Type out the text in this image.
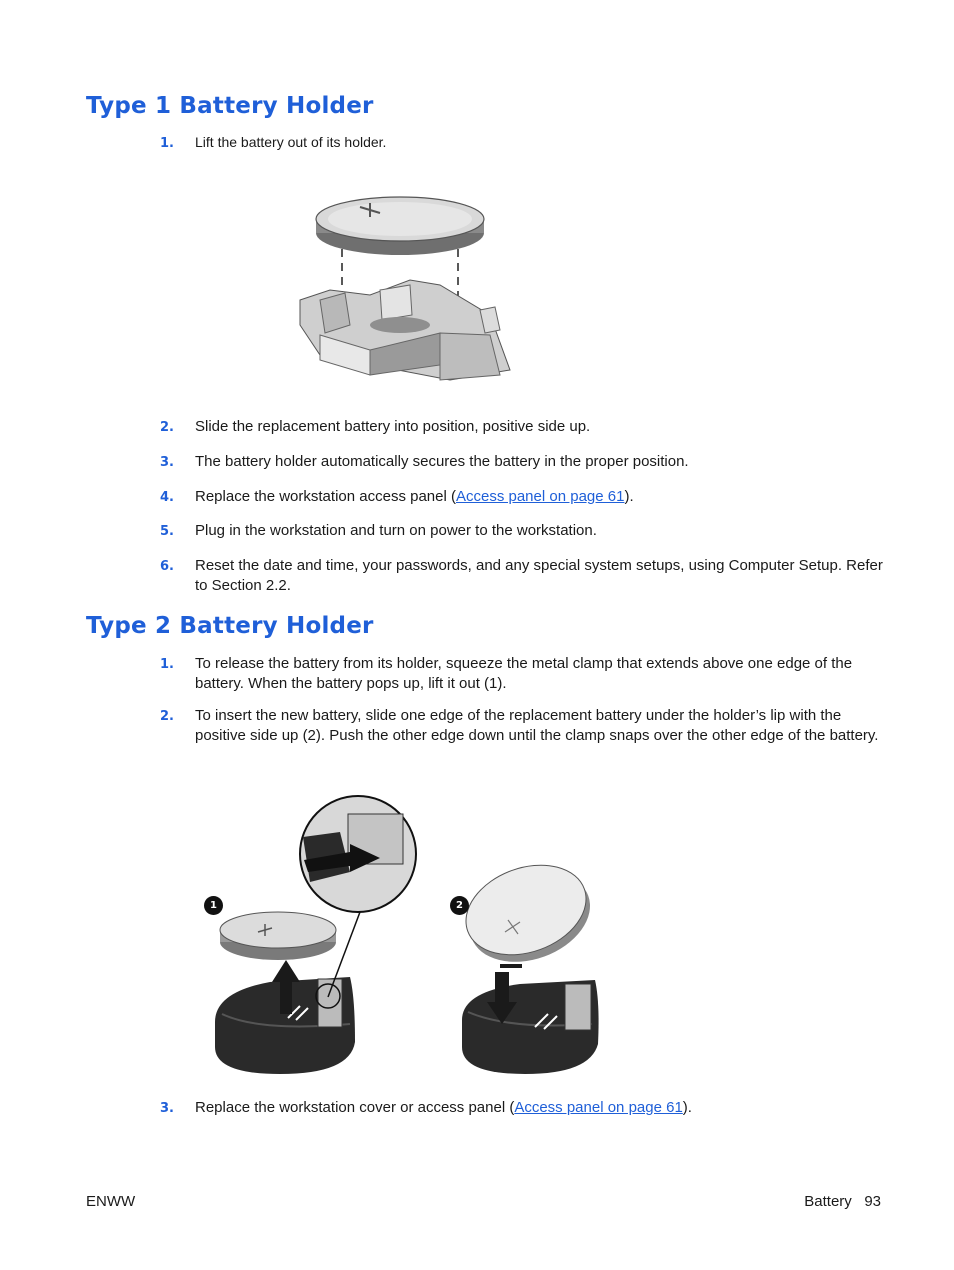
Type 1 Battery Holder
1.	Lift the battery out of its holder.
2.	Slide the replacement battery into position, positive side up.
3.	The battery holder automatically secures the battery in the proper position.
4.	Replace the workstation access panel (Access panel on page 61).
5.	Plug in the workstation and turn on power to the workstation.
6.	Reset the date and time, your passwords, and any special system setups, using Computer Setup. Refer to Section 2.2.
Type 2 Battery Holder
1.	To release the battery from its holder, squeeze the metal clamp that extends above one edge of the battery. When the battery pops up, lift it out (1).
2.	To insert the new battery, slide one edge of the replacement battery under the holder’s lip with the positive side up (2). Push the other edge down until the clamp snaps over the other edge of the battery.
1	2
3.	Replace the workstation cover or access panel (Access panel on page 61).
ENWW	Battery 93
